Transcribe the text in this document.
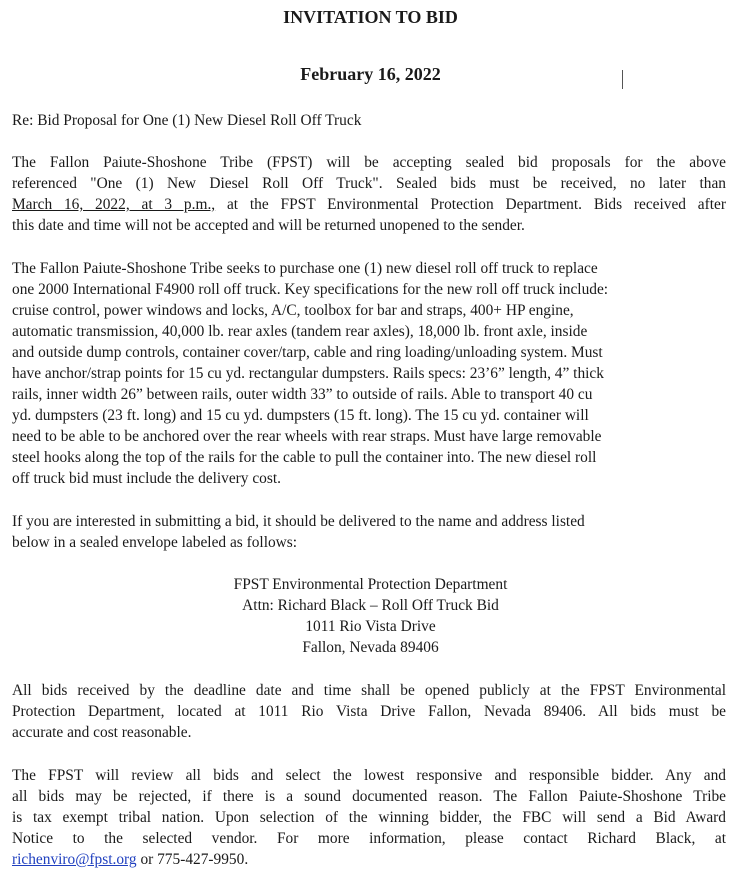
INVITATION TO BID
February 16, 2022
Re: Bid Proposal for One (1) New Diesel Roll Off Truck
The Fallon Paiute-Shoshone Tribe (FPST) will be accepting sealed bid proposals for the above
referenced "One (1) New Diesel Roll Off Truck". Sealed bids must be received, no later than
March 16, 2022, at 3 p.m., at the FPST Environmental Protection Department. Bids received after
this date and time will not be accepted and will be returned unopened to the sender.
The Fallon Paiute-Shoshone Tribe seeks to purchase one (1) new diesel roll off truck to replace
one 2000 International F4900 roll off truck. Key specifications for the new roll off truck include:
cruise control, power windows and locks, A/C, toolbox for bar and straps, 400+ HP engine,
automatic transmission, 40,000 lb. rear axles (tandem rear axles), 18,000 lb. front axle, inside
and outside dump controls, container cover/tarp, cable and ring loading/unloading system. Must
have anchor/strap points for 15 cu yd. rectangular dumpsters. Rails specs: 23’6” length, 4” thick
rails, inner width 26” between rails, outer width 33” to outside of rails. Able to transport 40 cu
yd. dumpsters (23 ft. long) and 15 cu yd. dumpsters (15 ft. long). The 15 cu yd. container will
need to be able to be anchored over the rear wheels with rear straps. Must have large removable
steel hooks along the top of the rails for the cable to pull the container into. The new diesel roll
off truck bid must include the delivery cost.
If you are interested in submitting a bid, it should be delivered to the name and address listed
below in a sealed envelope labeled as follows:
FPST Environmental Protection Department
Attn: Richard Black – Roll Off Truck Bid
1011 Rio Vista Drive
Fallon, Nevada 89406
All bids received by the deadline date and time shall be opened publicly at the FPST Environmental
Protection Department, located at 1011 Rio Vista Drive Fallon, Nevada 89406. All bids must be
accurate and cost reasonable.
The FPST will review all bids and select the lowest responsive and responsible bidder. Any and
all bids may be rejected, if there is a sound documented reason. The Fallon Paiute-Shoshone Tribe
is tax exempt tribal nation. Upon selection of the winning bidder, the FBC will send a Bid Award
Notice to the selected vendor. For more information, please contact Richard Black, at
richenviro@fpst.org or 775-427-9950.
